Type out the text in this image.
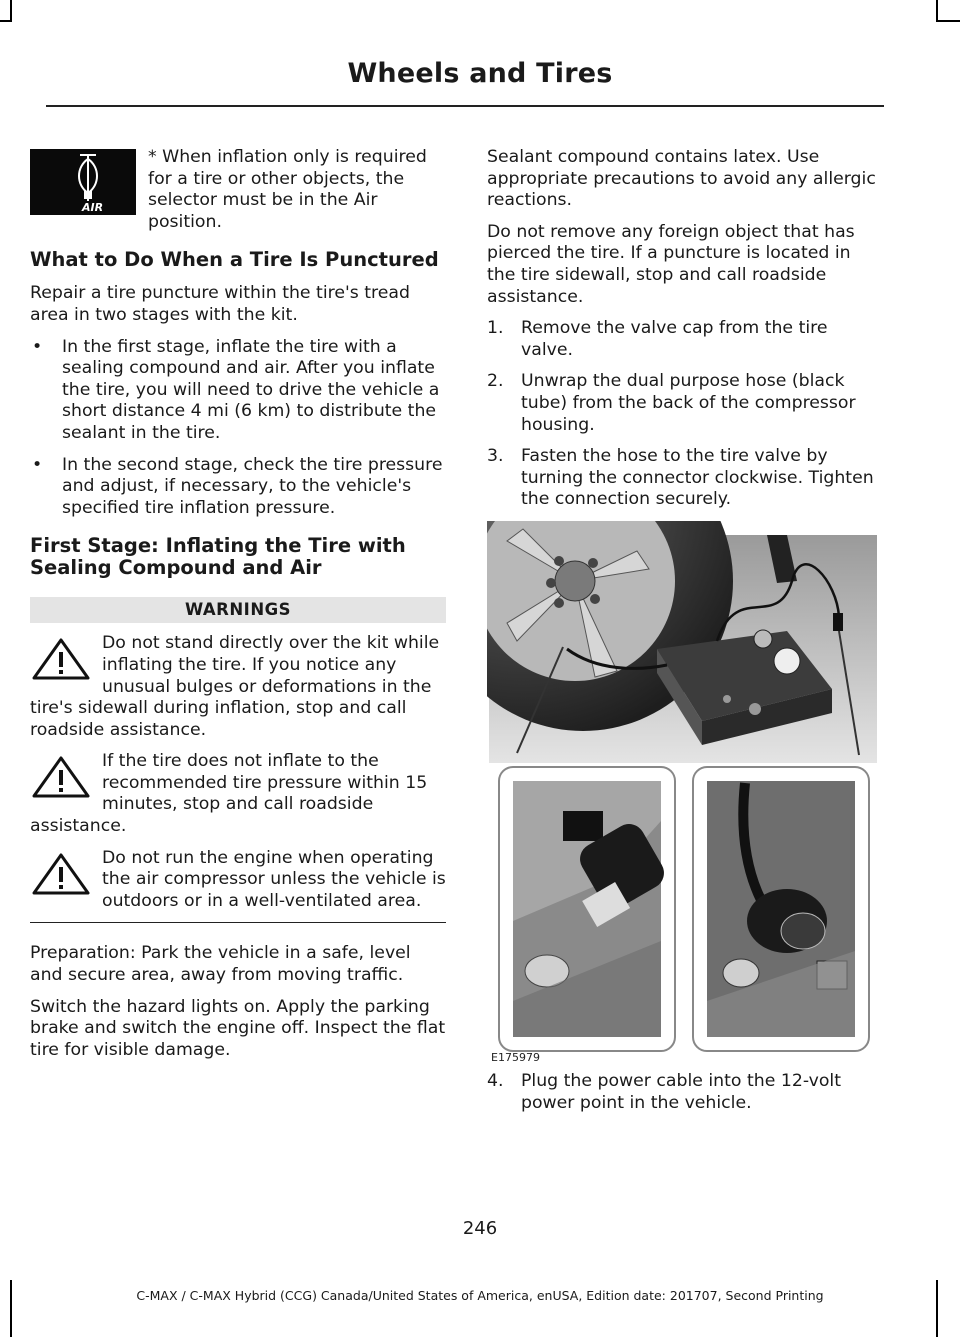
Wheels and Tires

AIR
* When inflation only is required for a tire or other objects, the selector must be in the Air position.

What to Do When a Tire Is Punctured

Repair a tire puncture within the tire's tread area in two stages with the kit.

• In the first stage, inflate the tire with a sealing compound and air. After you inflate the tire, you will need to drive the vehicle a short distance 4 mi (6 km) to distribute the sealant in the tire.
• In the second stage, check the tire pressure and adjust, if necessary, to the vehicle's specified tire inflation pressure.
First Stage: Inflating the Tire with Sealing Compound and Air
WARNINGS
Do not stand directly over the kit while inflating the tire. If you notice any unusual bulges or deformations in the tire's sidewall during inflation, stop and call roadside assistance.
If the tire does not inflate to the recommended tire pressure within 15 minutes, stop and call roadside assistance.
Do not run the engine when operating the air compressor unless the vehicle is outdoors or in a well-ventilated area.

Preparation: Park the vehicle in a safe, level and secure area, away from moving traffic.

Switch the hazard lights on. Apply the parking brake and switch the engine off. Inspect the flat tire for visible damage.

Sealant compound contains latex. Use appropriate precautions to avoid any allergic reactions.

Do not remove any foreign object that has pierced the tire. If a puncture is located in the tire sidewall, stop and call roadside assistance.

1. Remove the valve cap from the tire valve.
2. Unwrap the dual purpose hose (black tube) from the back of the compressor housing.
3. Fasten the hose to the tire valve by turning the connector clockwise. Tighten the connection securely.
E175979
4. Plug the power cable into the 12-volt power point in the vehicle.
246
C-MAX / C-MAX Hybrid (CCG) Canada/United States of America, enUSA, Edition date: 201707, Second Printing
